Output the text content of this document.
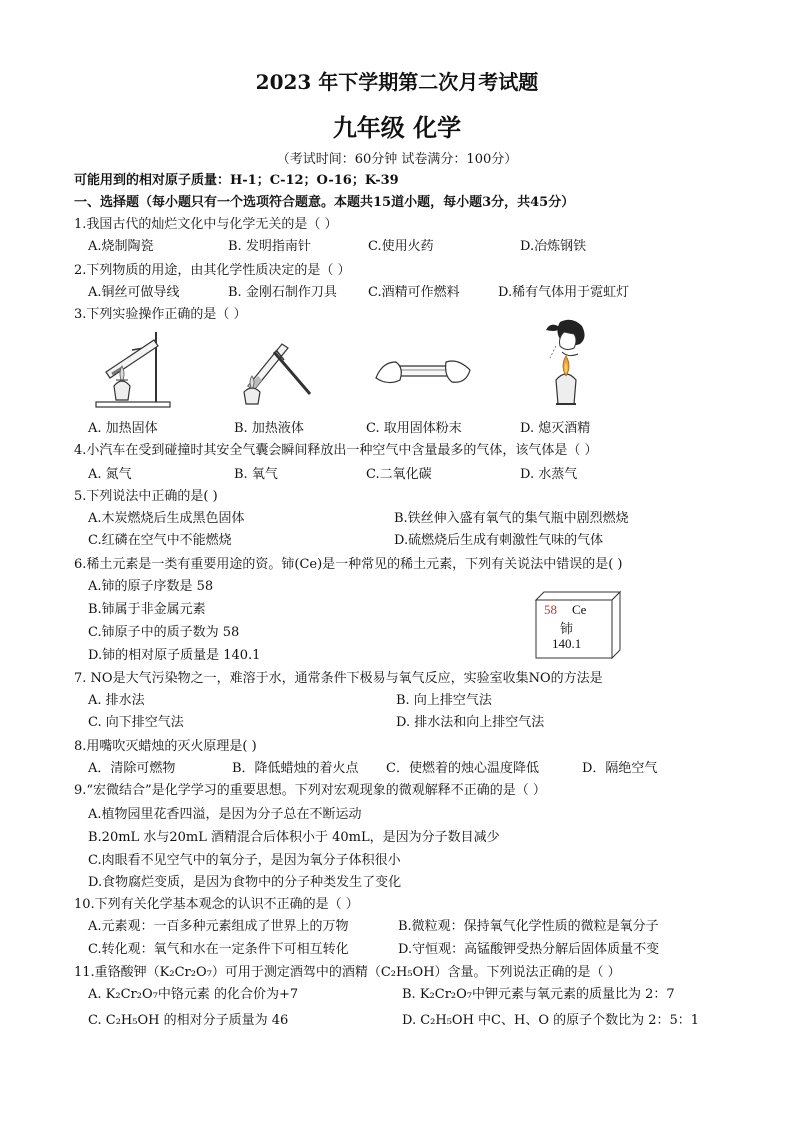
2023 年下学期第二次月考试题
九年级 化学
（考试时间：60分钟 试卷满分：100分）
可能用到的相对原子质量：H-1；C-12；O-16；K-39
一、选择题（每小题只有一个选项符合题意。本题共15道小题，每小题3分，共45分）
1.我国古代的灿烂文化中与化学无关的是（ ）
A.烧制陶瓷	B. 发明指南针	C.使用火药	D.冶炼钢铁
2.下列物质的用途，由其化学性质决定的是（ ）
A.铜丝可做导线	B. 金刚石制作刀具 C.酒精可作燃料	D.稀有气体用于霓虹灯
3.下列实验操作正确的是（ ）
A. 加热固体	B. 加热液体	C. 取用固体粉末	D. 熄灭酒精
4.小汽车在受到碰撞时其安全气囊会瞬间释放出一种空气中含量最多的气体，该气体是（ ）
A. 氮气	B. 氧气	C.二氧化碳	D. 水蒸气
5.下列说法中正确的是( )
A.木炭燃烧后生成黑色固体	B.铁丝伸入盛有氧气的集气瓶中剧烈燃烧
C.红磷在空气中不能燃烧	D.硫燃烧后生成有刺激性气味的气体
6.稀土元素是一类有重要用途的资。铈(Ce)是一种常见的稀土元素，下列有关说法中错误的是( )
A.铈的原子序数是 58
B.铈属于非金属元素
C.铈原子中的质子数为 58
D.铈的相对原子质量是 140.1
58 Ce
铈
140.1
7. NO是大气污染物之一，难溶于水，通常条件下极易与氧气反应，实验室收集NO的方法是
A. 排水法	B. 向上排空气法
C. 向下排空气法	D. 排水法和向上排空气法
8.用嘴吹灭蜡烛的灭火原理是( )
A．清除可燃物	B．降低蜡烛的着火点 C．使燃着的烛心温度降低	D．隔绝空气
9.“宏微结合”是化学学习的重要思想。下列对宏观现象的微观解释不正确的是（ ）
A.植物园里花香四溢，是因为分子总在不断运动
B.20mL 水与20mL 酒精混合后体积小于 40mL，是因为分子数目减少
C.肉眼看不见空气中的氧分子，是因为氧分子体积很小
D.食物腐烂变质，是因为食物中的分子种类发生了变化
10.下列有关化学基本观念的认识不正确的是（ ）
A.元素观：一百多种元素组成了世界上的万物	B.微粒观：保持氧气化学性质的微粒是氧分子
C.转化观：氧气和水在一定条件下可相互转化	D.守恒观：高锰酸钾受热分解后固体质量不变
11.重铬酸钾（K₂Cr₂O₇）可用于测定酒驾中的酒精（C₂H₅OH）含量。下列说法正确的是（ ）
A. K₂Cr₂O₇中铬元素 的化合价为+7	B. K₂Cr₂O₇中钾元素与氧元素的质量比为 2：7
C. C₂H₅OH 的相对分子质量为 46	D. C₂H₅OH 中C、H、O 的原子个数比为 2：5：1
